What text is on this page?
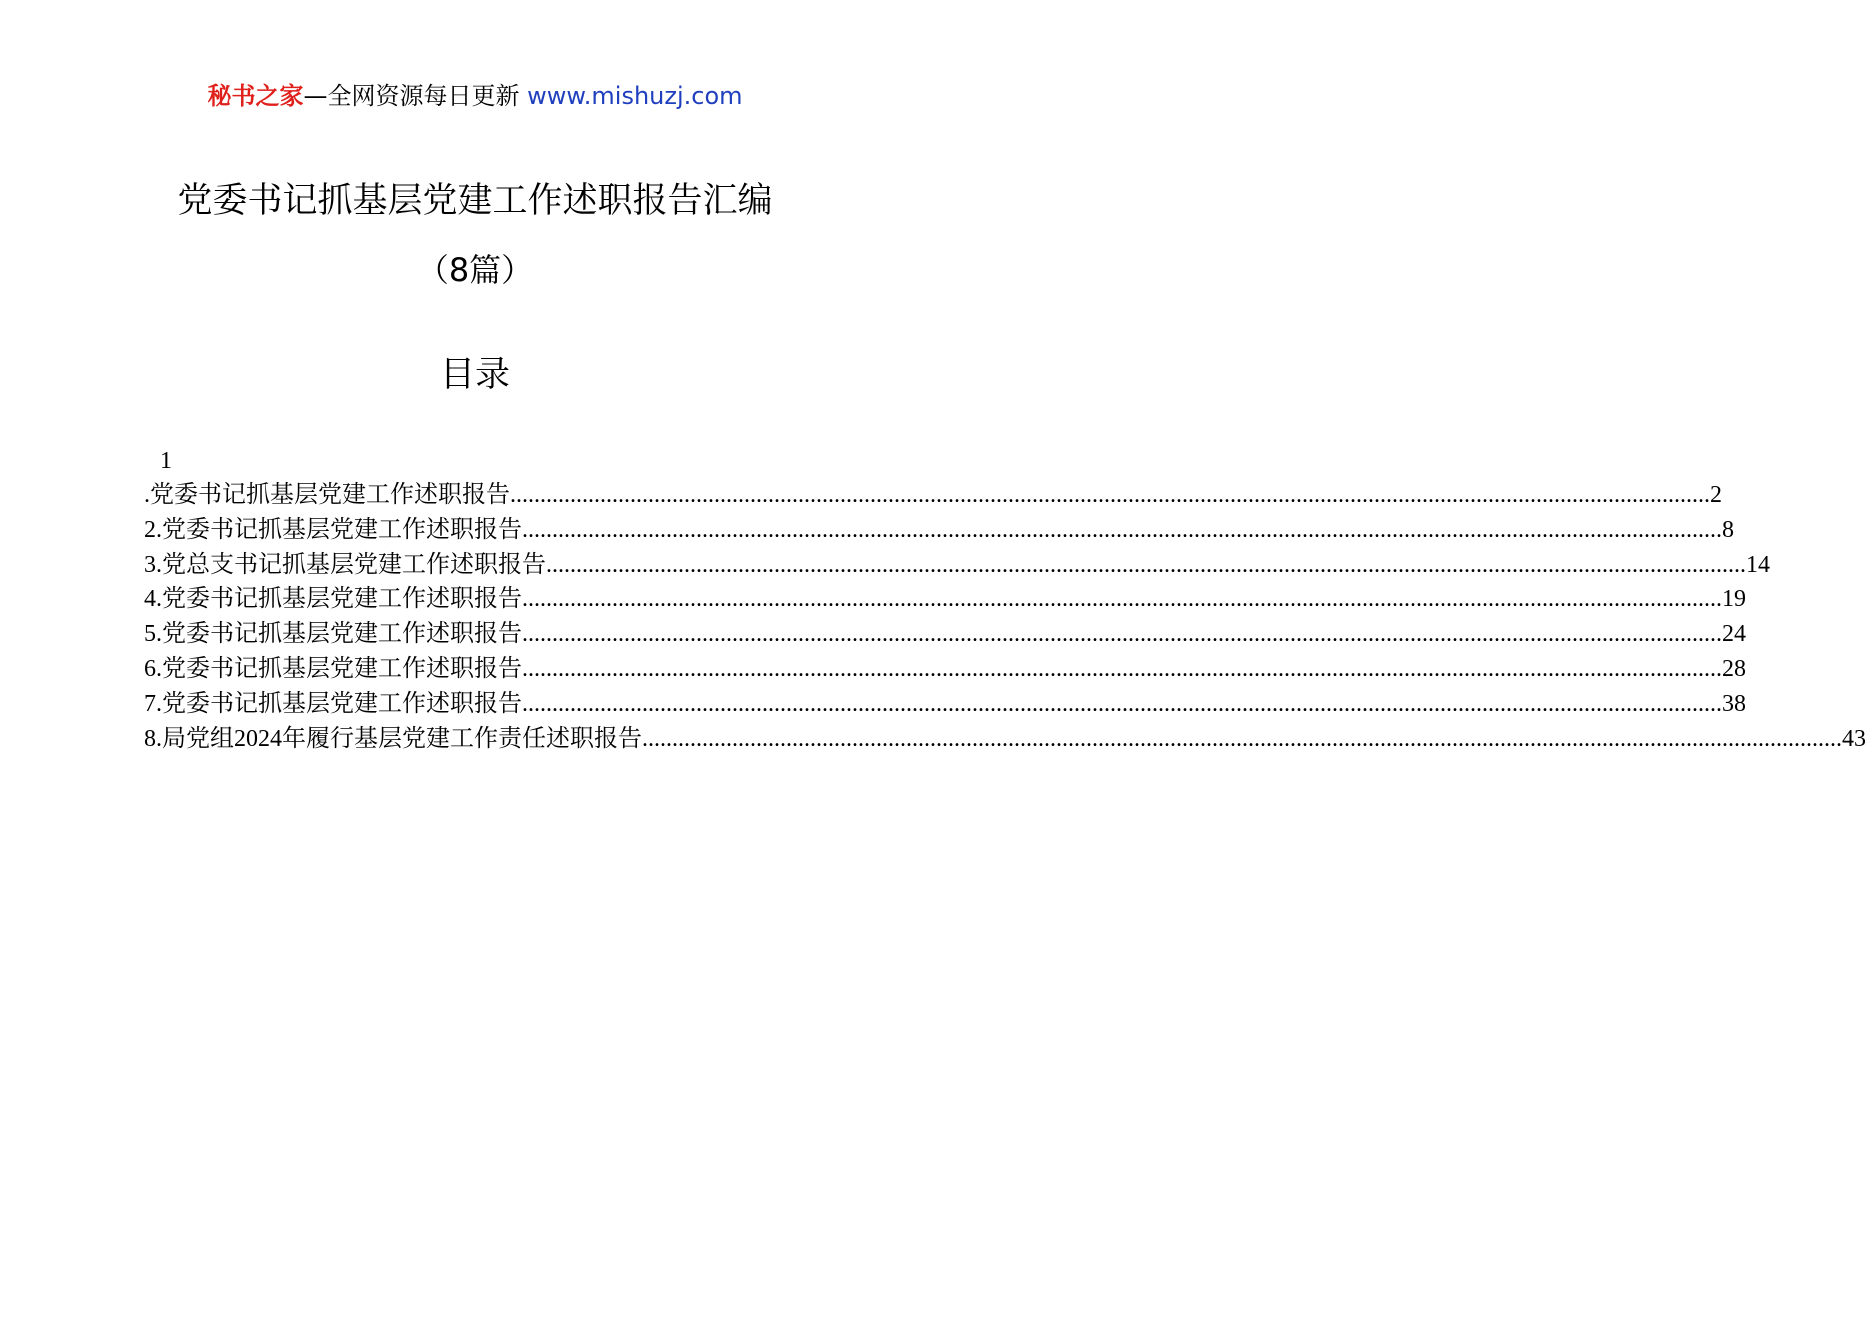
秘书之家—全网资源每日更新 www.mishuzj.com
党委书记抓基层党建工作述职报告汇编
（8篇）
目录
1
.党委书记抓基层党建工作述职报告 ........................................................................................................................................................................................................ 2
2.党委书记抓基层党建工作述职报告 ........................................................................................................................................................................................................ 8
3.党总支书记抓基层党建工作述职报告 ........................................................................................................................................................................................................ 14
4.党委书记抓基层党建工作述职报告 ........................................................................................................................................................................................................ 19
5.党委书记抓基层党建工作述职报告 ........................................................................................................................................................................................................ 24
6.党委书记抓基层党建工作述职报告 ........................................................................................................................................................................................................ 28
7.党委书记抓基层党建工作述职报告 ........................................................................................................................................................................................................ 38
8.局党组2024年履行基层党建工作责任述职报告 ........................................................................................................................................................................................................ 43
